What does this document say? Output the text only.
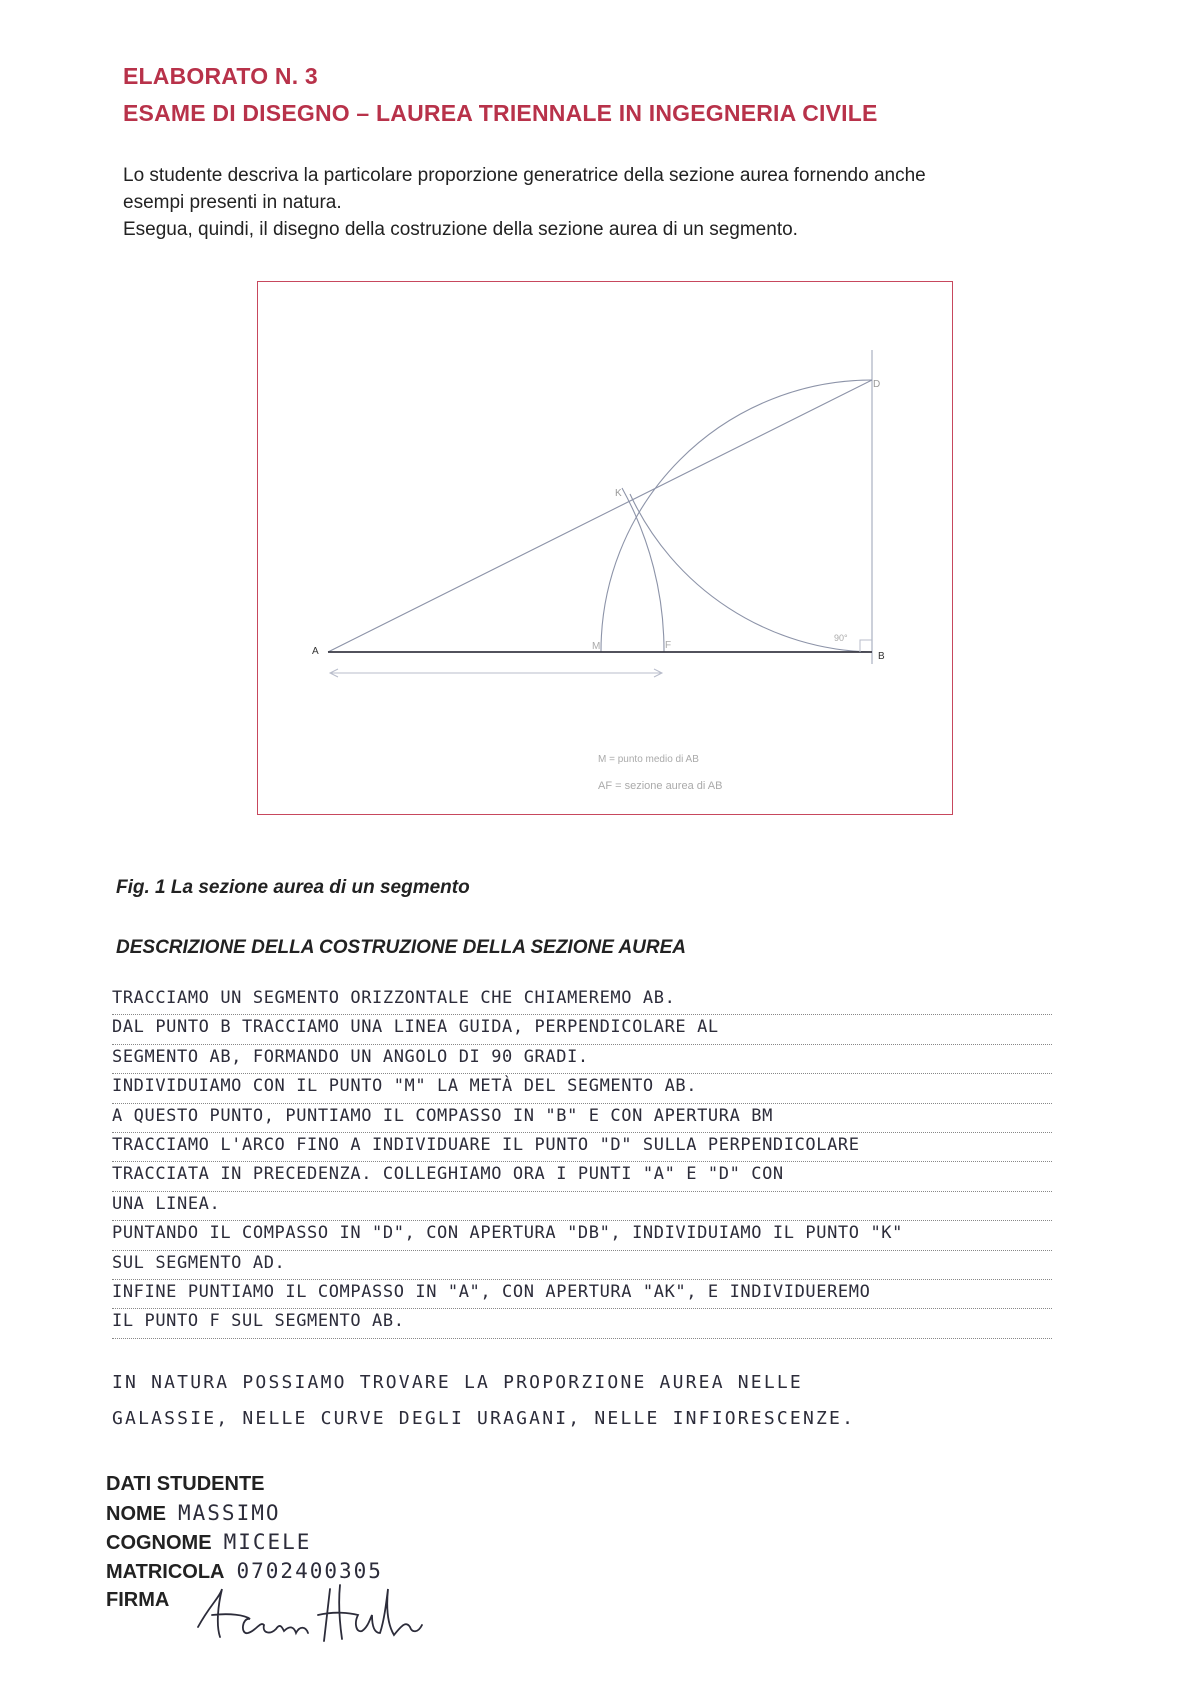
ELABORATO N. 3
ESAME DI DISEGNO – LAUREA TRIENNALE IN INGEGNERIA CIVILE

Lo studente descriva la particolare proporzione generatrice della sezione aurea fornendo anche

esempi presenti in natura.

Esegua, quindi, il disegno della costruzione della sezione aurea di un segmento.

A	B
D
K
M	F
90°
M = punto medio di AB
AF = sezione aurea di AB
Fig. 1 La sezione aurea di un segmento
DESCRIZIONE DELLA COSTRUZIONE DELLA SEZIONE AUREA
TRACCIAMO UN SEGMENTO ORIZZONTALE CHE CHIAMEREMO AB.
DAL PUNTO B TRACCIAMO UNA LINEA GUIDA, PERPENDICOLARE AL
SEGMENTO AB, FORMANDO UN ANGOLO DI 90 GRADI.
INDIVIDUIAMO CON IL PUNTO "M" LA METÀ DEL SEGMENTO AB.
A QUESTO PUNTO, PUNTIAMO IL COMPASSO IN "B" E CON APERTURA BM
TRACCIAMO L'ARCO FINO A INDIVIDUARE IL PUNTO "D" SULLA PERPENDICOLARE
TRACCIATA IN PRECEDENZA. COLLEGHIAMO ORA I PUNTI "A" E "D" CON
UNA LINEA.
PUNTANDO IL COMPASSO IN "D", CON APERTURA "DB", INDIVIDUIAMO IL PUNTO "K"
SUL SEGMENTO AD.
INFINE PUNTIAMO IL COMPASSO IN "A", CON APERTURA "AK", E INDIVIDUEREMO
IL PUNTO F SUL SEGMENTO AB.
IN NATURA POSSIAMO TROVARE LA PROPORZIONE AUREA NELLE
GALASSIE, NELLE CURVE DEGLI URAGANI, NELLE INFIORESCENZE.
DATI STUDENTE
NOME MASSIMO
COGNOME MICELE
MATRICOLA 0702400305
FIRMA
